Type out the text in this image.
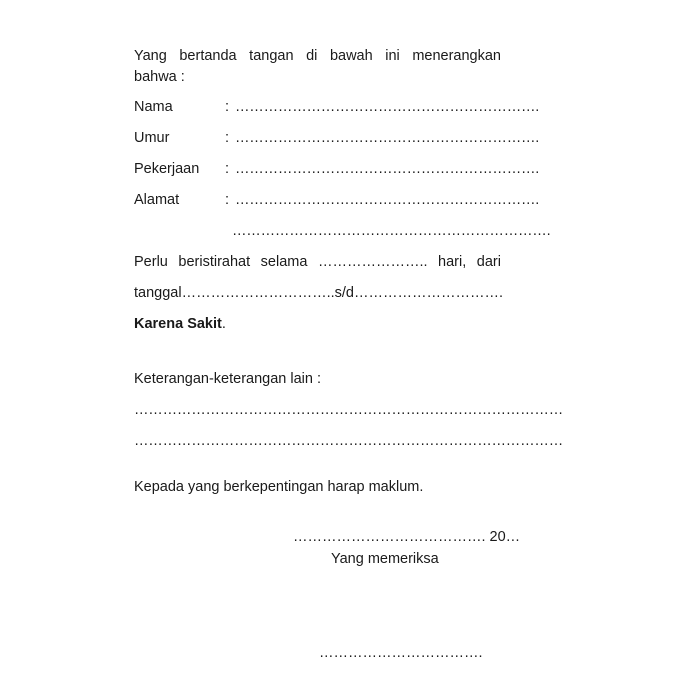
Yang bertanda tangan di bawah ini menerangkan
bahwa :
Nama	: ……………………………………………………….
Umur	: ……………………………………………………….
Pekerjaan : ……………………………………………………….
Alamat	: ……………………………………………………….
………………………………………………………….
Perlu beristirahat selama ………………….. hari, dari
tanggal ………………………….. s/d ………………………….
Karena Sakit.
Keterangan-keterangan lain :
………………………………………………………………………………
………………………………………………………………………………
Kepada yang berkepentingan harap maklum.
…………………………………. 20…
Yang memeriksa
…………………………….
